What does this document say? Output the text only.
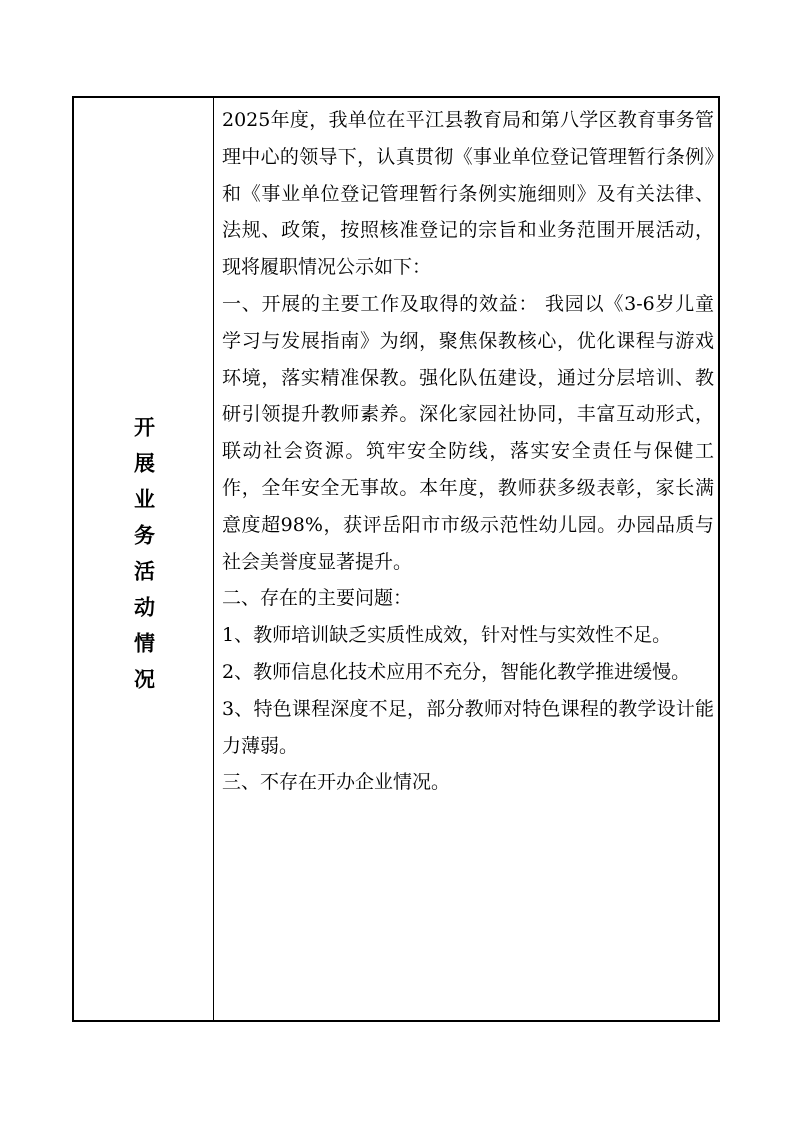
开展业务活动情况

2025年度，我单位在平江县教育局和第八学区教育事务管理中心的领导下，认真贯彻《事业单位登记管理暂行条例》和《事业单位登记管理暂行条例实施细则》及有关法律、法规、政策，按照核准登记的宗旨和业务范围开展活动，现将履职情况公示如下：

一、开展的主要工作及取得的效益： 我园以《3-6岁儿童学习与发展指南》为纲，聚焦保教核心，优化课程与游戏环境，落实精准保教。强化队伍建设，通过分层培训、教研引领提升教师素养。深化家园社协同，丰富互动形式，联动社会资源。筑牢安全防线，落实安全责任与保健工作，全年安全无事故。本年度，教师获多级表彰，家长满意度超98%，获评岳阳市市级示范性幼儿园。办园品质与社会美誉度显著提升。

二、存在的主要问题：

1、教师培训缺乏实质性成效，针对性与实效性不足。

2、教师信息化技术应用不充分，智能化教学推进缓慢。

3、特色课程深度不足，部分教师对特色课程的教学设计能力薄弱。

三、不存在开办企业情况。
